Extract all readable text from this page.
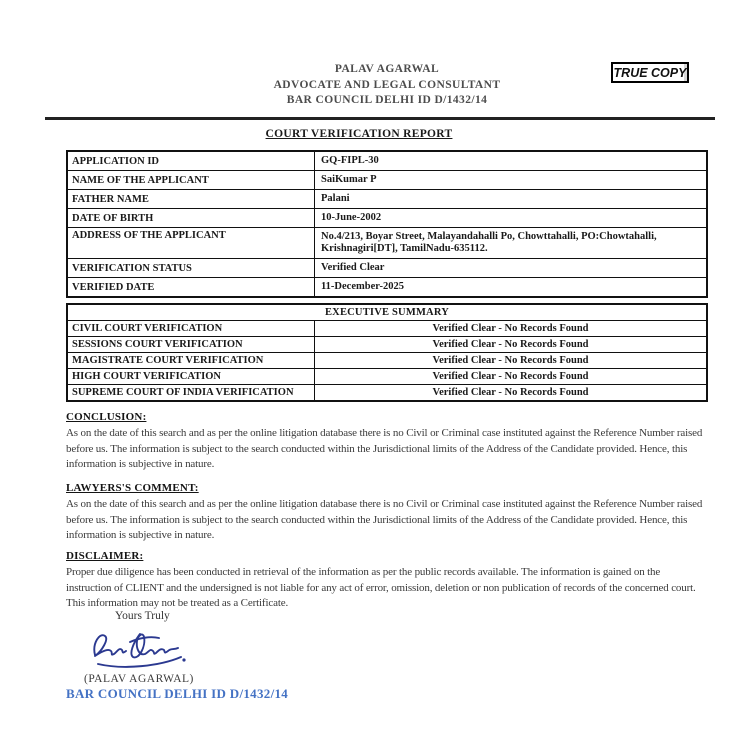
PALAV AGARWAL
ADVOCATE AND LEGAL CONSULTANT
BAR COUNCIL DELHI ID D/1432/14
TRUE COPY
COURT VERIFICATION REPORT
APPLICATION ID	GQ-FIPL-30
NAME OF THE APPLICANT	SaiKumar P
FATHER NAME	Palani
DATE OF BIRTH	10-June-2002
ADDRESS OF THE APPLICANT	No.4/213, Boyar Street, Malayandahalli Po, Chowttahalli, PO:Chowtahalli, Krishnagiri[DT], TamilNadu-635112.
VERIFICATION STATUS	Verified Clear
VERIFIED DATE	11-December-2025
EXECUTIVE SUMMARY
CIVIL COURT VERIFICATION	Verified Clear - No Records Found
SESSIONS COURT VERIFICATION	Verified Clear - No Records Found
MAGISTRATE COURT VERIFICATION	Verified Clear - No Records Found
HIGH COURT VERIFICATION	Verified Clear - No Records Found
SUPREME COURT OF INDIA VERIFICATION	Verified Clear - No Records Found
CONCLUSION:

As on the date of this search and as per the online litigation database there is no Civil or Criminal case instituted against the Reference Number raised before us. The information is subject to the search conducted within the Jurisdictional limits of the Address of the Candidate provided. Hence, this information is subjective in nature.

LAWYERS'S COMMENT:

As on the date of this search and as per the online litigation database there is no Civil or Criminal case instituted against the Reference Number raised before us. The information is subject to the search conducted within the Jurisdictional limits of the Address of the Candidate provided. Hence, this information is subjective in nature.

DISCLAIMER:

Proper due diligence has been conducted in retrieval of the information as per the public records available. The information is gained on the instruction of CLIENT and the undersigned is not liable for any act of error, omission, deletion or non publication of records of the concerned court. This information may not be treated as a Certificate.

Yours Truly
(PALAV AGARWAL)
BAR COUNCIL DELHI ID D/1432/14
